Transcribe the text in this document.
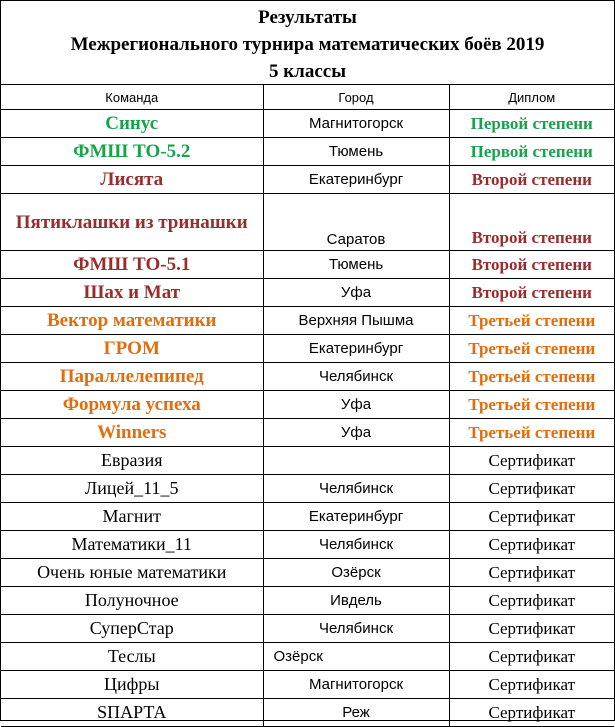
Результаты
Межрегионального турнира математических боёв 2019
5 классы
Команда	Город	Диплом
Синус	Магнитогорск	Первой степени
ФМШ ТО-5.2	Тюмень	Первой степени
Лисята	Екатеринбург	Второй степени
Пятиклашки из тринашки	Саратов	Второй степени
ФМШ ТО-5.1	Тюмень	Второй степени
Шах и Мат	Уфа	Второй степени
Вектор математики	Верхняя Пышма	Третьей степени
ГРОМ	Екатеринбург	Третьей степени
Параллелепипед	Челябинск	Третьей степени
Формула успеха	Уфа	Третьей степени
Winners	Уфа	Третьей степени
Евразия		Сертификат
Лицей_11_5	Челябинск	Сертификат
Магнит	Екатеринбург	Сертификат
Математики_11	Челябинск	Сертификат
Очень юные математики	Озёрск	Сертификат
Полуночное	Ивдель	Сертификат
СуперСтар	Челябинск	Сертификат
Теслы	Озёрск	Сертификат
Цифры	Магнитогорск	Сертификат
SПАРТА	Реж	Сертификат
